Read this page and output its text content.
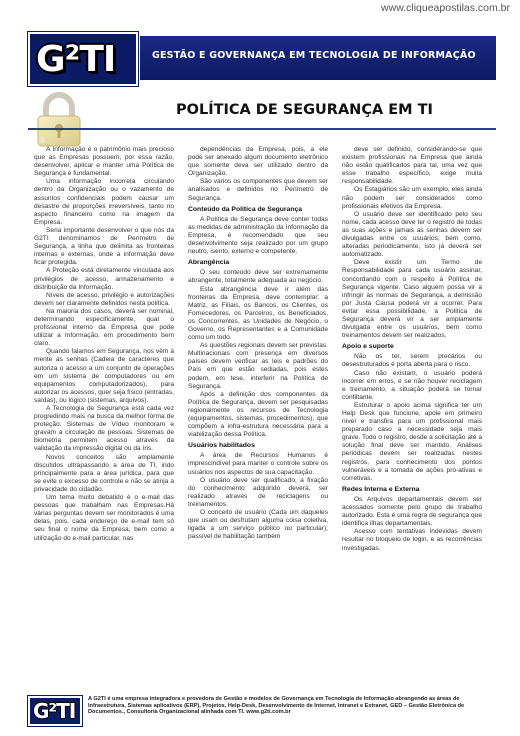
www.cliqueapostilas.com.br
G²TI	GESTÃO E GOVERNANÇA EM TECNOLOGIA DE INFORMAÇÃO
POLÍTICA DE SEGURANÇA EM TI

A Informação é o patrimônio mais precioso que as Empresas possuem, por essa razão, desenvolver, aplicar e manter uma Política de Segurança é fundamental.

Uma informação incorreta circulando dentro da Organização ou o vazamento de assuntos confidenciais podem causar um desastre de proporções irreversíveis, tanto no aspecto financeiro como na imagem da Empresa.

Seria importante desenvolver o que nós da G2TI denominamos de Perímetro de Segurança, a linha que delimita as fronteiras internas e externas, onde a informação deve ficar protegida.

A Proteção está diretamente vinculada aos privilégios de acesso, armazenamento e distribuição da Informação.

Níveis de acesso, privilégio e autorizações devem ser claramente definidos nesta política.

Na maioria dos casos, deverá ser nominal, determinando especificamente, qual o profissional interno da Empresa que pode utilizar a Informação, em procedimento bem claro.

Quando falamos em Segurança, nos vêm à mente as senhas (Cadeia de caracteres que autoriza o acesso a um conjunto de operações em um sistema de computadores ou em equipamentos computadorizados), para autorizar os acessos, quer seja físico (entradas, saídas), ou lógico (sistemas, arquivos).

A Tecnologia de Segurança está cada vez progredindo mais na busca da melhor forma de proteção. Sistemas de Vídeo monitoram e gravam a circulação de pessoas. Sistemas de biometria permitem acesso através da validação da impressão digital ou da íris.

Novos conceitos são amplamente discutidos ultrapassando a área de TI, indo principalmente para a área jurídica, para que se evite o excesso de controle e não se atinja a privacidade do cidadão.

Um tema muito debatido é o e-mail das pessoas que trabalham nas Empresas.Há várias perguntas devem ser monitorados é uma delas, pois, cada endereço de e-mail tem só seu final o nome da Empresa, bem como a utilização do e-mail particular, nas

dependências da Empresa, pois, a ele pode ser anexado algum documento eletrônico que somente deva ser utilizado dentro da Organização.

São vários os componentes que devem ser analisados e definidos no Perímetro de Segurança.

Conteúdo da Política de Segurança

A Política de Segurança deve conter todas as medidas de administração da Informação da Empresa, é recomendado que seu desenvolvimento seja realizado por um grupo neutro, isento, externo e competente.

Abrangência

O seu conteúdo deve ser extremamente abrangente, totalmente adequada ao negócio.

Esta abrangência deve ir além das fronteiras da Empresa, deve contemplar: a Matriz, as Filiais, os Bancos, os Clientes, os Fornecedores, os Parceiros, os Beneficiados, os Concorrentes, as Unidades de Negócio, o Governo, os Representantes e a Comunidade como um todo.

As questões regionais devem ser previstas. Multinacionais com presença em diversos países devem verificar as leis e padrões do País em que estão sediadas, pois estes podem, em tese, interferir na Política de Segurança.

Após a definição dos componentes da Política de Segurança, devem ser pesquisadas regionalmente os recursos de Tecnologia (equipamentos, sistemas, procedimentos), que compõem a infra-estrutura necessária para a viabilização dessa Política.

Usuários habilitados

A área de Recursos Humanos é imprescindível para manter o controle sobre os usuários nos aspectos de sua capacitação.

O usuário deve ser qualificado, a fixação do conhecimento adquirido deverá, ser realizado através de reciclagens ou treinamentos.

O conceito de usuário (Cada um daqueles que usam ou desfrutam alguma coisa coletiva, ligada a um serviço público ou particular); passível de habilitação também

deve ser definido, considerando-se que existem profissionais na Empresa que ainda não estão qualificados para tal, uma vez que esse trabalho específico, exige muita responsabilidade.

Os Estagiários são um exemplo, eles ainda não podem ser considerados como profissionais efetivos da Empresa.

O usuário deve ser identificado pelo seu nome, cada acesso deve ter o registro de todas as suas ações e jamais as senhas devem ser divulgadas entre os usuários, bem como, alteradas periodicamente, isto já deverá ser automatizado.

Deve existir um Termo de Responsabilidade para cada usuário assinar, concordando com o respeito à Política de Segurança vigente. Caso alguém possa vir a infringir às normas de Segurança, a demissão por Justa Causa poderá vir a ocorrer. Para evitar essa possibilidade, a Política de Segurança deverá vir a ser amplamente divulgada entre os usuários, bem como treinamentos devem ser realizados.

Apoio e suporte

Não os ter, serem precários ou desestruturados é porta aberta para o risco.

Caso não existam, o usuário poderá incorrer em erros, e se não houver reciclagem e treinamento, a situação poderá se tornar confiltante.

Estruturar o apoio acima significa ter um Help Desk que funcione, apoie em primeiro nível e transfira para um profissional mais preparado caso a necessidade seja mais grave. Todo o registro, desde a solicitação até a solução final deve ser mantido. Análises periódicas devem ser realizadas nestes registros, para conhecimento dos pontos vulneráveis e a tomada de ações pró-ativas e corretivas.

Redes Interna e Externa

Os Arquivos departamentais devem ser acessados somente pelo grupo de trabalho autorizado. Esta é uma regra de segurança que identifica ilhas departamentais.

Acesso com tentativas indevidas devem resultar no bloqueio de login, e as recorrências investigadas.

G²TI A G2TI é uma empresa integradora e provedora de Gestão e modelos de Governança em Tecnologia de Informação abrangendo as áreas de Infraestrutura, Sistemas aplicativos (ERP), Projetos, Help-Desk, Desenvolvimento de Internet, Intranet e Extranet, GED – Gestão Eletrônica de Documentos., Consultoria Organizacional alinhada com TI. www.g2ti.com.br
